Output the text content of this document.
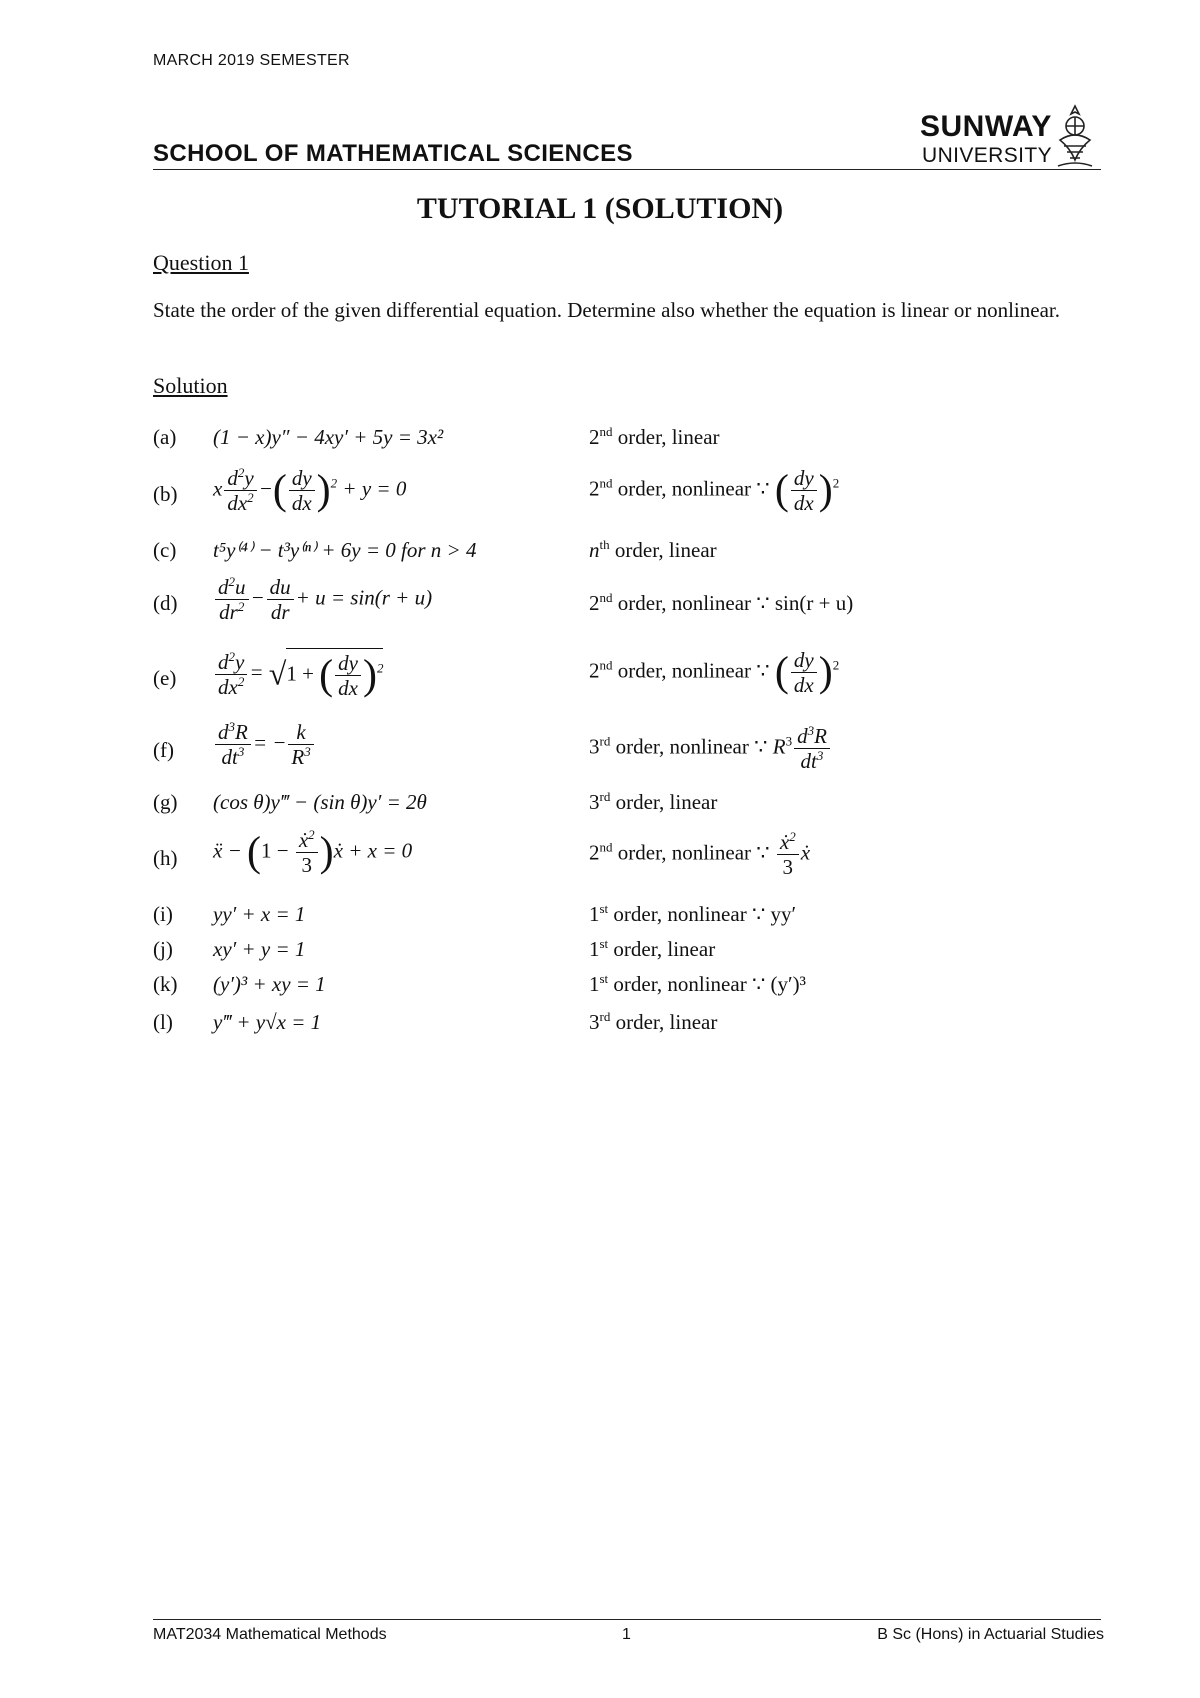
MARCH 2019 SEMESTER
SCHOOL OF MATHEMATICAL SCIENCES
SUNWAY
UNIVERSITY
TUTORIAL 1 (SOLUTION)
Question 1
State the order of the given differential equation. Determine also whether the equation is linear or nonlinear.
Solution
(a) (1 − x)y″ − 4xy′ + 5y = 3x²	2nd order, linear
(b) x $\frac{d^2y}{dx^2}$ −( $\frac{dy}{dx} )^2 + y = 0$	2nd order, nonlinear ∵ ( $\frac{dy}{dx} )^2$
(c) t⁵y⁽⁴⁾ − t³y⁽ⁿ⁾ + 6y = 0 for n > 4	$n^{th}$ order, linear
$(d) \frac{d^2u}{dr^2} - \frac{du}{dr} + u = \sin(r + u)$	2nd order, nonlinear ∵ sin(r + u)
$(e) \frac{d^2y}{dx^2} = √1$ + ( $\frac{dy}{dx} )^2$	2nd order, nonlinear ∵ ( $\frac{dy}{dx} )^2$
$(f) \frac{d^3R}{dt^3}$ = − $\frac{k}{R^3}$	3rd order, nonlinear ∵ $R^3 \frac{d^3R}{dt^3}$
(g) (cos θ)y‴ − (sin θ)y′ = 2θ	3rd order, linear
(h) ẍ − ($1 - \frac{ẋ^2}{3}$ )ẋ + x = 0	2nd order, nonlinear ∵ $\frac{ẋ^2}{3}$ ẋ
(i) yy′ + x = 1	1st order, nonlinear ∵ yy′
(j) xy′ + y = 1	1st order, linear
(k) (y′)³ + xy = 1	1st order, nonlinear ∵ (y′)³
(l) y‴ + y√x = 1	3rd order, linear
MAT2034 Mathematical Methods	1	B Sc (Hons) in Actuarial Studies
